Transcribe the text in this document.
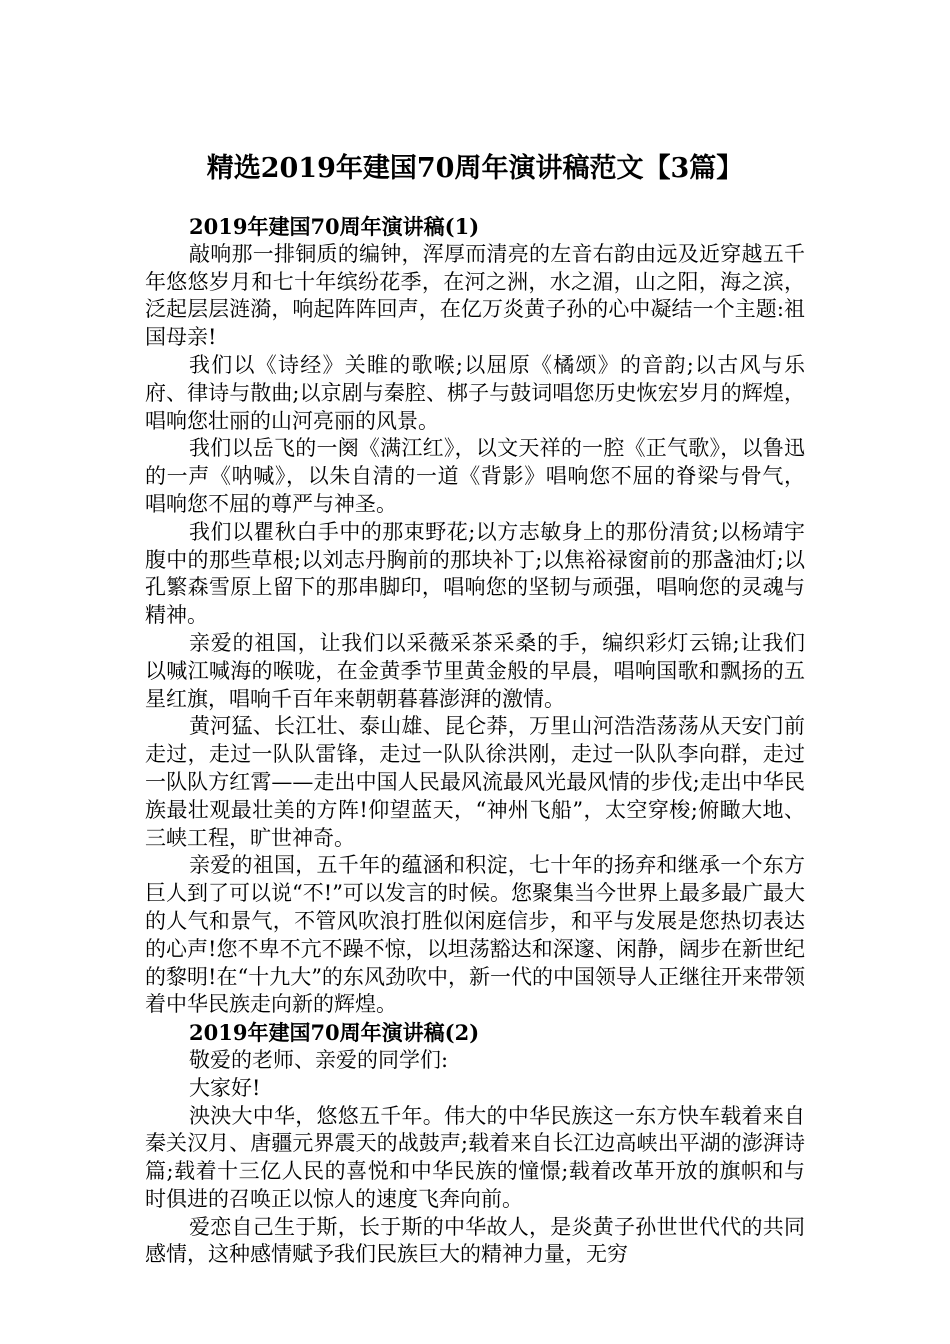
精选2019年建国70周年演讲稿范文【3篇】
2019年建国70周年演讲稿(1)

敲响那一排铜质的编钟，浑厚而清亮的左音右韵由远及近穿越五千年悠悠岁月和七十年缤纷花季，在河之洲，水之湄，山之阳，海之滨，泛起层层涟漪，响起阵阵回声，在亿万炎黄子孙的心中凝结一个主题:祖国母亲!

我们以《诗经》关睢的歌喉;以屈原《橘颂》的音韵;以古风与乐府、律诗与散曲;以京剧与秦腔、梆子与鼓词唱您历史恢宏岁月的辉煌，唱响您壮丽的山河亮丽的风景。

我们以岳飞的一阕《满江红》，以文天祥的一腔《正气歌》，以鲁迅的一声《呐喊》，以朱自清的一道《背影》唱响您不屈的脊梁与骨气，唱响您不屈的尊严与神圣。

我们以瞿秋白手中的那束野花;以方志敏身上的那份清贫;以杨靖宇腹中的那些草根;以刘志丹胸前的那块补丁;以焦裕禄窗前的那盏油灯;以孔繁森雪原上留下的那串脚印，唱响您的坚韧与顽强，唱响您的灵魂与精神。

亲爱的祖国，让我们以采薇采茶采桑的手，编织彩灯云锦;让我们以喊江喊海的喉咙，在金黄季节里黄金般的早晨，唱响国歌和飘扬的五星红旗，唱响千百年来朝朝暮暮澎湃的激情。

黄河猛、长江壮、泰山雄、昆仑莽，万里山河浩浩荡荡从天安门前走过，走过一队队雷锋，走过一队队徐洪刚，走过一队队李向群，走过一队队方红霄——走出中国人民最风流最风光最风情的步伐;走出中华民族最壮观最壮美的方阵!仰望蓝天，“神州飞船”，太空穿梭;俯瞰大地、三峡工程，旷世神奇。

亲爱的祖国，五千年的蕴涵和积淀，七十年的扬弃和继承一个东方巨人到了可以说“不!”可以发言的时候。您聚集当今世界上最多最广最大的人气和景气，不管风吹浪打胜似闲庭信步，和平与发展是您热切表达的心声!您不卑不亢不躁不惊，以坦荡豁达和深邃、闲静，阔步在新世纪的黎明!在“十九大”的东风劲吹中，新一代的中国领导人正继往开来带领着中华民族走向新的辉煌。

2019年建国70周年演讲稿(2)

敬爱的老师、亲爱的同学们:

大家好!

泱泱大中华，悠悠五千年。伟大的中华民族这一东方快车载着来自秦关汉月、唐疆元界震天的战鼓声;载着来自长江边高峡出平湖的澎湃诗篇;载着十三亿人民的喜悦和中华民族的憧憬;载着改革开放的旗帜和与时俱进的召唤正以惊人的速度飞奔向前。

爱恋自己生于斯，长于斯的中华故人，是炎黄子孙世世代代的共同感情，这种感情赋予我们民族巨大的精神力量，无穷
